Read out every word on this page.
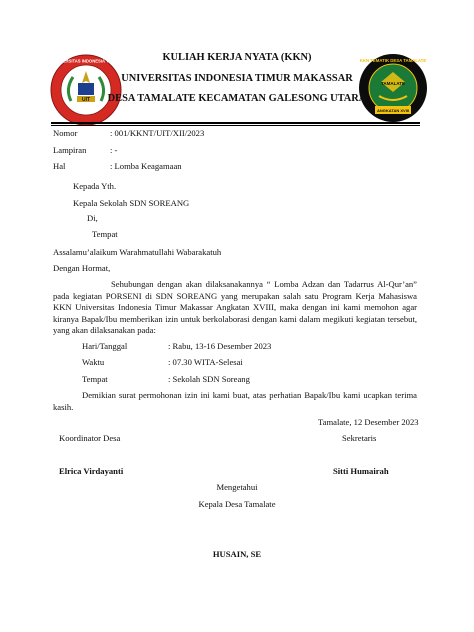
UIT
UNIVERSITAS INDONESIA TIMUR	KKN TEMATIK DESA TAMALATE
TAMALATE
ANGKATAN XVIII
KULIAH KERJA NYATA (KKN)
UNIVERSITAS INDONESIA TIMUR MAKASSAR
DESA TAMALATE KECAMATAN GALESONG UTARA
Nomor	: 001/KKNT/UIT/XII/2023
Lampiran	: -
Hal	: Lomba Keagamaan
Kepada Yth.
Kepala Sekolah SDN SOREANG
Di,
Tempat
Assalamu’alaikum Warahmatullahi Wabarakatuh
Dengan Hormat,
Sehubungan dengan akan dilaksanakannya “ Lomba Adzan dan Tadarrus Al-Qur’an” pada kegiatan PORSENI di SDN SOREANG yang merupakan salah satu Program Kerja Mahasiswa KKN Universitas Indonesia Timur Makassar Angkatan XVIII, maka dengan ini kami memohon agar kiranya Bapak/Ibu memberikan izin untuk berkolaborasi dengan kami dalam megikuti kegiatan tersebut, yang akan dilaksanakan pada:
Hari/Tanggal	: Rabu, 13-16 Desember 2023
Waktu	: 07.30 WITA-Selesai
Tempat	: Sekolah SDN Soreang
Demikian surat permohonan izin ini kami buat, atas perhatian Bapak/Ibu kami ucapkan terima kasih.
Tamalate, 12 Desember 2023
Koordinator Desa	Sekretaris
Elrica Virdayanti	Sitti Humairah
Mengetahui
Kepala Desa Tamalate
HUSAIN, SE
